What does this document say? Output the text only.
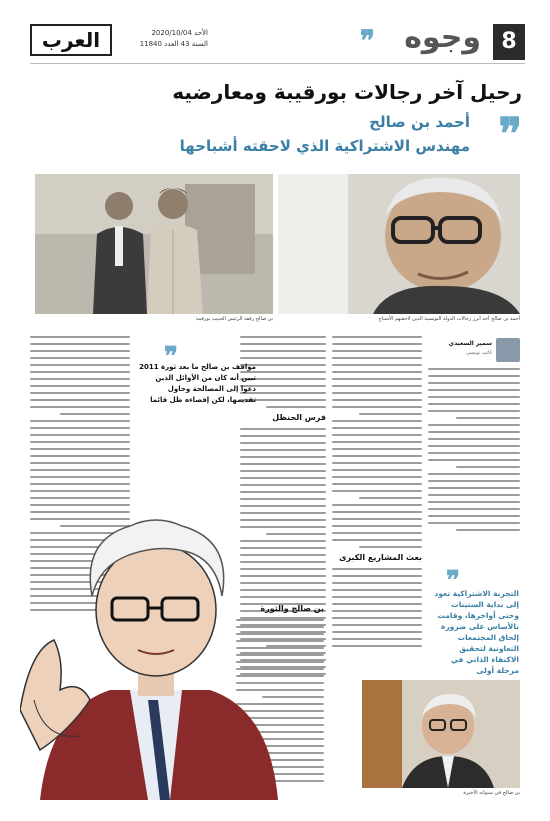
8
وجوه
❞
الأحد 2020/10/04
السنة 43 العدد 11840
العرب
رحيل آخر رجالات بورقيبة ومعارضيه
❞
أحمد بن صالح
مهندس الاشتراكية الذي لاحقته أشباحها
أحمد بن صالح أحد أبرز رجالات الدولة التونسية الذين لاحقتهم الأشباح
بن صالح رفقة الرئيس الحبيب بورقيبة
سمير السعيدي
كاتب تونسي
❞
التجربة الاشتراكية تعود إلى بداية الستينات وحتى أواخرها، وقامت بالأساس على ضرورة إلحاق المجتمعات التعاونية لتحقيق الاكتفاء الذاتي في مرحلة أولى
بعث المشاريع الكبرى
فرس الحنظل
❞
مواقف بن صالح ما بعد ثورة 2011 تبين أنه كان من الأوائل الذين دعوا إلى المصالحة وحاول تقديمها، لكن إقصاءه ظل قائما
بن صالح والثورة
بن صالح في سنواته الأخيرة
